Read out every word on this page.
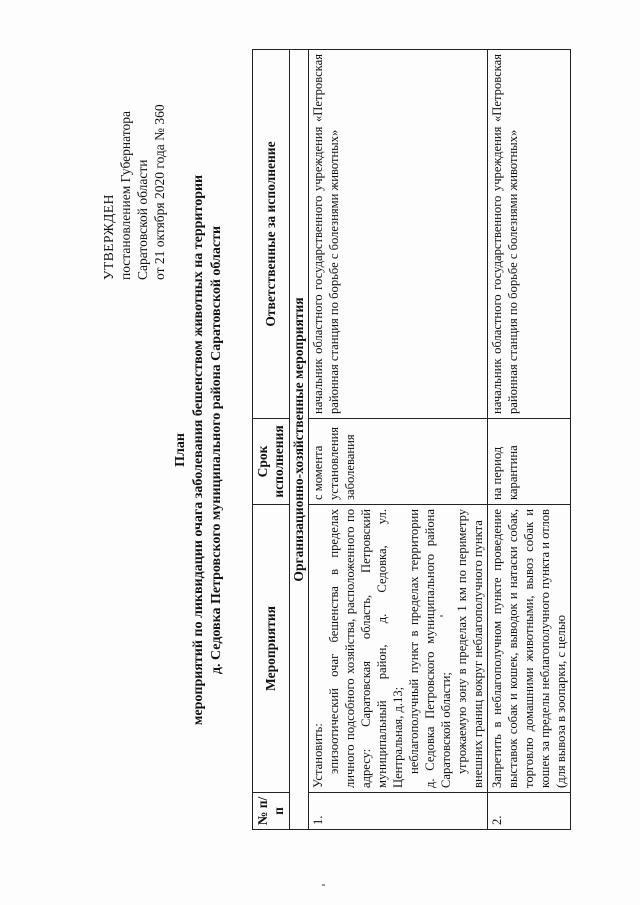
УТВЕРЖДЕН постановлением Губернатора Саратовской области от 21 октября 2020 года № 360
План мероприятий по ликвидации очага заболевания бешенством животных на территории д. Седовка Петровского муниципального района Саратовской области
№ п/п	Мероприятия	Срок исполнения	Ответственные за исполнение
Организационно-хозяйственные мероприятия			
1.	Установить: эпизоотический очаг бешенства в пределах личного подсобного хозяйства, расположенного по адресу: Саратовская область, Петровский муниципальный район, д. Седовка, ул. Центральная, д.13; неблагополучный пункт в пределах территории д. Седовка Петровского муниципального района Саратовской области; угрожаемую зону в пределах 1 км по периметру внешних границ вокруг неблагополучного пункта	с момента установления заболевания	начальник областного государственного учреждения «Петровская районная станция по борьбе с болезнями животных»
2.	Запретить в неблагополучном пункте проведение выставок собак и кошек, выводок и натаски собак, торговлю домашними животными, вывоз собак и кошек за пределы неблагополучного пункта и отлов (для вывоза в зоопарки, с целью	на период карантина	начальник областного государственного учреждения «Петровская районная станция по борьбе с болезнями животных»
